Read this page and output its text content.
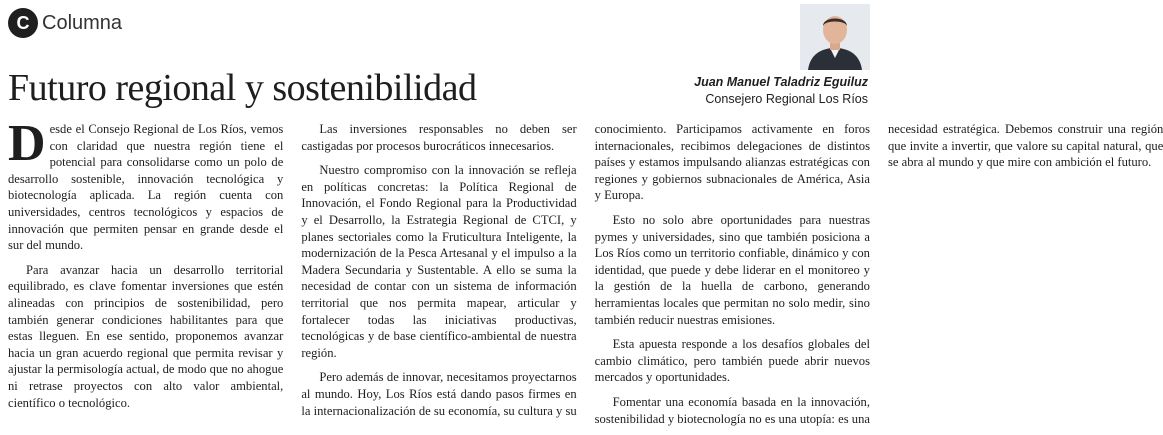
C Columna
Futuro regional y sostenibilidad	Juan Manuel Taladriz Eguiluz
Consejero Regional Los Ríos

Desde el Consejo Regional de Los Ríos, vemos con claridad que nuestra región tiene el potencial para consolidarse como un polo de desarrollo sostenible, innovación tecnológica y biotecnología aplicada. La región cuenta con universidades, centros tecnológicos y espacios de innovación que permiten pensar en grande desde el sur del mundo.

Para avanzar hacia un desarrollo territorial equilibrado, es clave fomentar inversiones que estén alineadas con principios de sostenibilidad, pero también generar condiciones habilitantes para que estas lleguen. En ese sentido, proponemos avanzar hacia un gran acuerdo regional que permita revisar y ajustar la permisología actual, de modo que no ahogue ni retrase proyectos con alto valor ambiental, científico o tecnológico.

Las inversiones responsables no deben ser castigadas por procesos burocráticos innecesarios.

Nuestro compromiso con la innovación se refleja en políticas concretas: la Política Regional de Innovación, el Fondo Regional para la Productividad y el Desarrollo, la Estrategia Regional de CTCI, y planes sectoriales como la Fruticultura Inteligente, la modernización de la Pesca Artesanal y el impulso a la Madera Secundaria y Sustentable. A ello se suma la necesidad de contar con un sistema de información territorial que nos permita mapear, articular y fortalecer todas las iniciativas productivas, tecnológicas y de base científico-ambiental de nuestra región.

Pero además de innovar, necesitamos proyectarnos al mundo. Hoy, Los Ríos está dando pasos firmes en la internacionalización de su economía, su cultura y su conocimiento. Participamos activamente en foros internacionales, recibimos delegaciones de distintos países y estamos impulsando alianzas estratégicas con regiones y gobiernos subnacionales de América, Asia y Europa.

Esto no solo abre oportunidades para nuestras pymes y universidades, sino que también posiciona a Los Ríos como un territorio confiable, dinámico y con identidad, que puede y debe liderar en el monitoreo y la gestión de la huella de carbono, generando herramientas locales que permitan no solo medir, sino también reducir nuestras emisiones.

Esta apuesta responde a los desafíos globales del cambio climático, pero también puede abrir nuevos mercados y oportunidades.

Fomentar una economía basada en la innovación, sostenibilidad y biotecnología no es una utopía: es una necesidad estratégica. Debemos construir una región que invite a invertir, que valore su capital natural, que se abra al mundo y que mire con ambición el futuro.
